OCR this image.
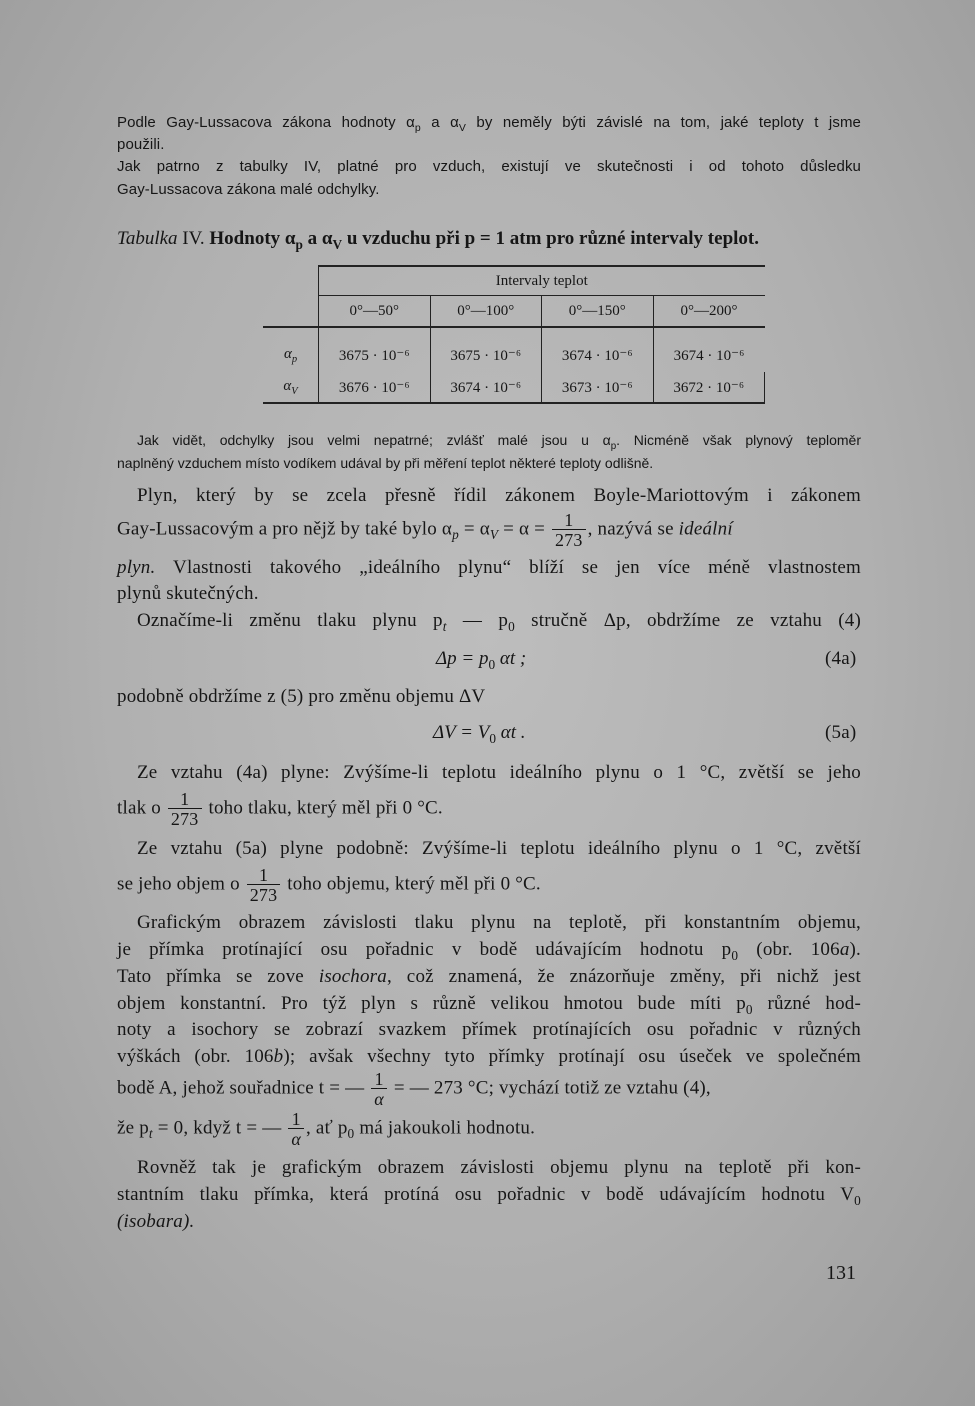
Podle Gay-Lussacova zákona hodnoty $\alpha_p$ a $\alpha_V$ by neměly býti závislé na tom, jaké teploty t jsme
použili.
Jak patrno z tabulky IV, platné pro vzduch, existují ve skutečnosti i od tohoto důsledku
Gay-Lussacova zákona malé odchylky.
Tabulka IV. Hodnoty $\alpha_p$ a $\alpha_V$ u vzduchu při p = 1 atm pro různé intervaly teplot.
	Intervaly teplot			
	0°—50°	0°—100°	0°—150°	0°—200°
$\alpha_p$	3675 · 10⁻⁶	3675 · 10⁻⁶	3674 · 10⁻⁶	3674 · 10⁻⁶
$\alpha_V$	3676 · 10⁻⁶	3674 · 10⁻⁶	3673 · 10⁻⁶	3672 · 10⁻⁶
Jak vidět, odchylky jsou velmi nepatrné; zvlášť malé jsou u $\alpha_p$. Nicméně však plynový teploměr
naplněný vzduchem místo vodíkem udával by při měření teplot některé teploty odlišně.
Plyn, který by se zcela přesně řídil zákonem Boyle-Mariottovým i zákonem
Gay-Lussacovým a pro nějž by také bylo $\alpha_p = \alpha_V = \alpha = \frac{1}{273}$ , nazývá se ideální
plyn. Vlastnosti takového „ideálního plynu“ blíží se jen více méně vlastnostem
plynů skutečných.
Označíme-li změnu tlaku plynu $p_t$ — $p_0$ stručně Δp, obdržíme ze vztahu (4)
$\Delta p = p_0$ αt ;	(4a)
podobně obdržíme z (5) pro změnu objemu ΔV
$\Delta V = V_0$ αt .	(5a)
Ze vztahu (4a) plyne: Zvýšíme-li teplotu ideálního plynu o 1 °C, zvětší se jeho
tlak o $\frac{1}{273}$ toho tlaku, který měl při 0 °C.
Ze vztahu (5a) plyne podobně: Zvýšíme-li teplotu ideálního plynu o 1 °C, zvětší
se jeho objem o $\frac{1}{273}$ toho objemu, který měl při 0 °C.
Grafickým obrazem závislosti tlaku plynu na teplotě, při konstantním objemu,
je přímka protínající osu pořadnic v bodě udávajícím hodnotu $p_0$ (obr. 106a).
Tato přímka se zove isochora, což znamená, že znázorňuje změny, při nichž jest
objem konstantní. Pro týž plyn s různě velikou hmotou bude míti $p_0$ různé hod-
noty a isochory se zobrazí svazkem přímek protínajících osu pořadnic v různých
výškách (obr. 106b); avšak všechny tyto přímky protínají osu úseček ve společném
bodě A, jehož souřadnice t = — $\frac{1}{\alpha}$ = — 273 °C; vychází totiž ze vztahu (4),
že $p_t = 0$, když t = — $\frac{1}{\alpha}$ , ať $p_0$ má jakoukoli hodnotu.
Rovněž tak je grafickým obrazem závislosti objemu plynu na teplotě při kon-
stantním tlaku přímka, která protíná osu pořadnic v bodě udávajícím hodnotu $V_0$
(isobara).
131
